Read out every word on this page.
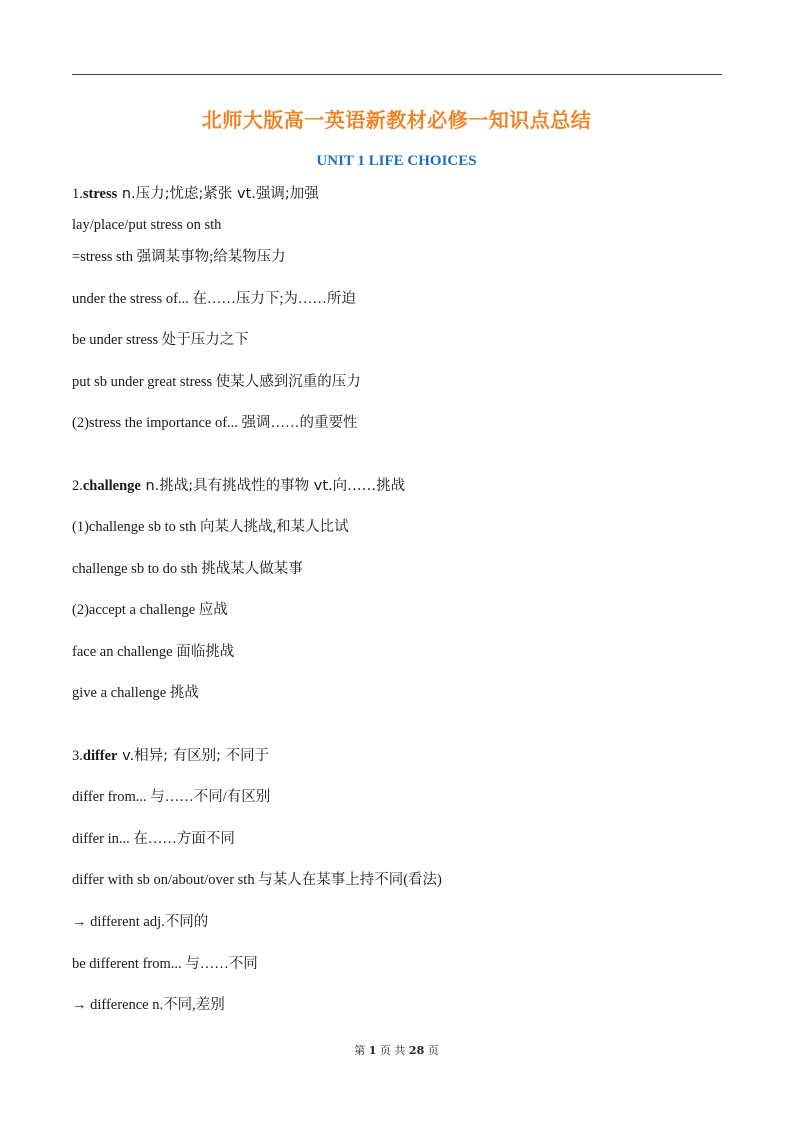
北师大版高一英语新教材必修一知识点总结
UNIT 1 LIFE CHOICES
1.stress n.压力;忧虑;紧张 vt.强调;加强
lay/place/put stress on sth
=stress sth 强调某事物;给某物压力
under the stress of... 在……压力下;为……所迫
be under stress 处于压力之下
put sb under great stress 使某人感到沉重的压力
(2)stress the importance of... 强调……的重要性
2.challenge n.挑战;具有挑战性的事物 vt.向……挑战
(1)challenge sb to sth 向某人挑战,和某人比试
challenge sb to do sth 挑战某人做某事
(2)accept a challenge 应战
face an challenge 面临挑战
give a challenge 挑战
3.differ v.相异; 有区别; 不同于
differ from... 与……不同/有区别
differ in... 在……方面不同
differ with sb on/about/over sth 与某人在某事上持不同(看法)
→ different adj.不同的
be different from... 与……不同
→ difference n.不同,差别
第 1 页 共 28 页
